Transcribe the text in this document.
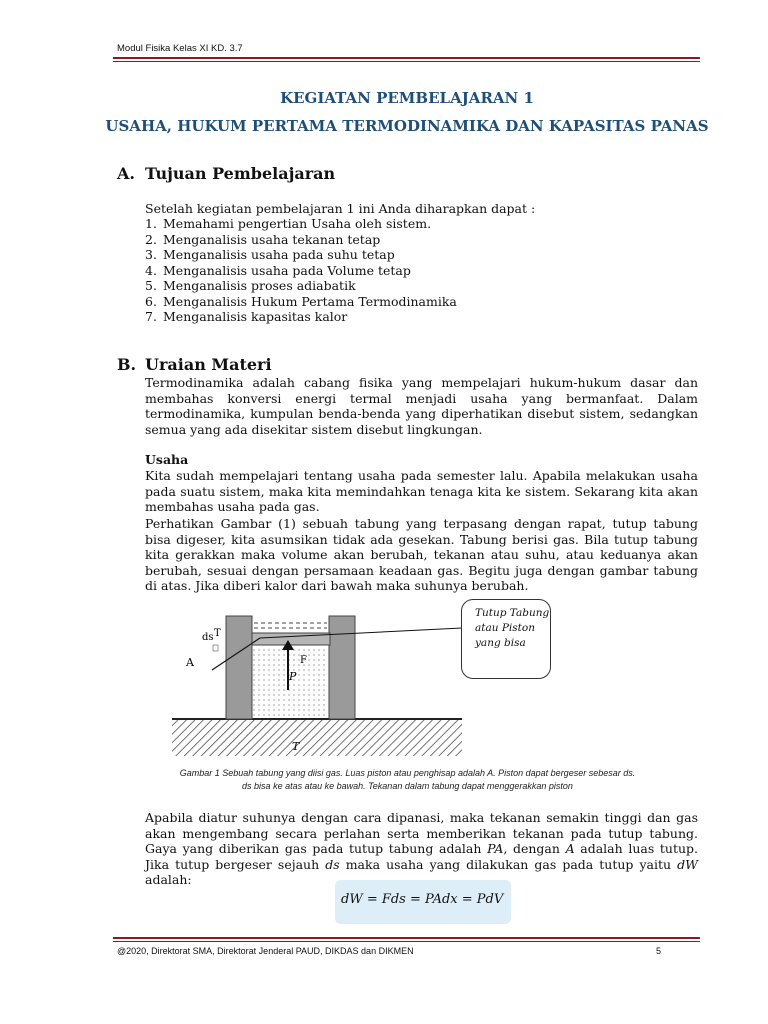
Modul Fisika Kelas XI KD. 3.7
KEGIATAN PEMBELAJARAN 1
USAHA, HUKUM PERTAMA TERMODINAMIKA DAN KAPASITAS PANAS
A. Tujuan Pembelajaran
Setelah kegiatan pembelajaran 1 ini Anda diharapkan dapat :
1. Memahami pengertian Usaha oleh sistem.
2. Menganalisis usaha tekanan tetap
3. Menganalisis usaha pada suhu tetap
4. Menganalisis usaha pada Volume tetap
5. Menganalisis proses adiabatik
6. Menganalisis Hukum Pertama Termodinamika
7. Menganalisis kapasitas kalor
B. Uraian Materi
Termodinamika adalah cabang fisika yang mempelajari hukum-hukum dasar dan membahas konversi energi termal menjadi usaha yang bermanfaat. Dalam termodinamika, kumpulan benda-benda yang diperhatikan disebut sistem, sedangkan semua yang ada disekitar sistem disebut lingkungan.
Usaha
Kita sudah mempelajari tentang usaha pada semester lalu. Apabila melakukan usaha pada suatu sistem, maka kita memindahkan tenaga kita ke sistem. Sekarang kita akan membahas usaha pada gas.
Perhatikan Gambar (1) sebuah tabung yang terpasang dengan rapat, tutup tabung bisa digeser, kita asumsikan tidak ada gesekan. Tabung berisi gas. Bila tutup tabung kita gerakkan maka volume akan berubah, tekanan atau suhu, atau keduanya akan berubah, sesuai dengan persamaan keadaan gas. Begitu juga dengan gambar tabung di atas. Jika diberi kalor dari bawah maka suhunya berubah.
ds T
A	F
P
T
Tutup Tabung atau Piston yang bisa
Gambar 1 Sebuah tabung yang diisi gas. Luas piston atau penghisap adalah A. Piston dapat bergeser sebesar ds.
ds bisa ke atas atau ke bawah. Tekanan dalam tabung dapat menggerakkan piston
Apabila diatur suhunya dengan cara dipanasi, maka tekanan semakin tinggi dan gas akan mengembang secara perlahan serta memberikan tekanan pada tutup tabung. Gaya yang diberikan gas pada tutup tabung adalah PA, dengan A adalah luas tutup. Jika tutup bergeser sejauh ds maka usaha yang dilakukan gas pada tutup yaitu dW adalah:
dW = Fds = PAdx = PdV
@2020, Direktorat SMA, Direktorat Jenderal PAUD, DIKDAS dan DIKMEN	5
